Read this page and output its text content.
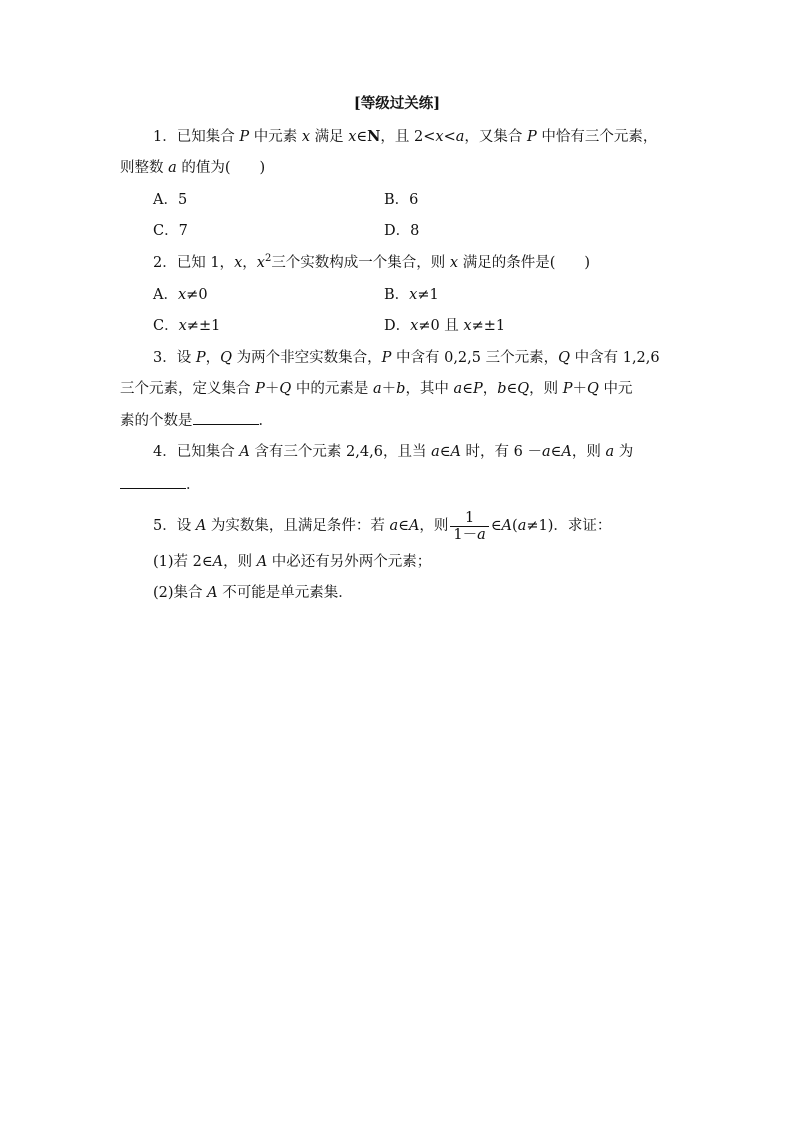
[等级过关练]
1．已知集合 P 中元素 x 满足 x∈N，且 2<x<a，又集合 P 中恰有三个元素，
则整数 a 的值为(　　)
A．5	B．6
C．7	D．8
2．已知 1，x，$x^2$三个实数构成一个集合，则 x 满足的条件是(　　)
A．x≠0	B．x≠1
C．x≠±1	D．x≠0 且 x≠±1
3．设 P，Q 为两个非空实数集合，P 中含有 0,2,5 三个元素，Q 中含有 1,2,6
三个元素，定义集合 P＋Q 中的元素是 a＋b，其中 a∈P，b∈Q，则 P＋Q 中元
素的个数是	．
4．已知集合 A 含有三个元素 2,4,6，且当 a∈A 时，有 6 －a∈A，则 a 为
．
5．设 A 为实数集，且满足条件：若 a∈A，则 $\frac{1}{1-a}$ ∈A(a≠1)．求证：
(1)若 2∈A，则 A 中必还有另外两个元素；
(2)集合 A 不可能是单元素集．
